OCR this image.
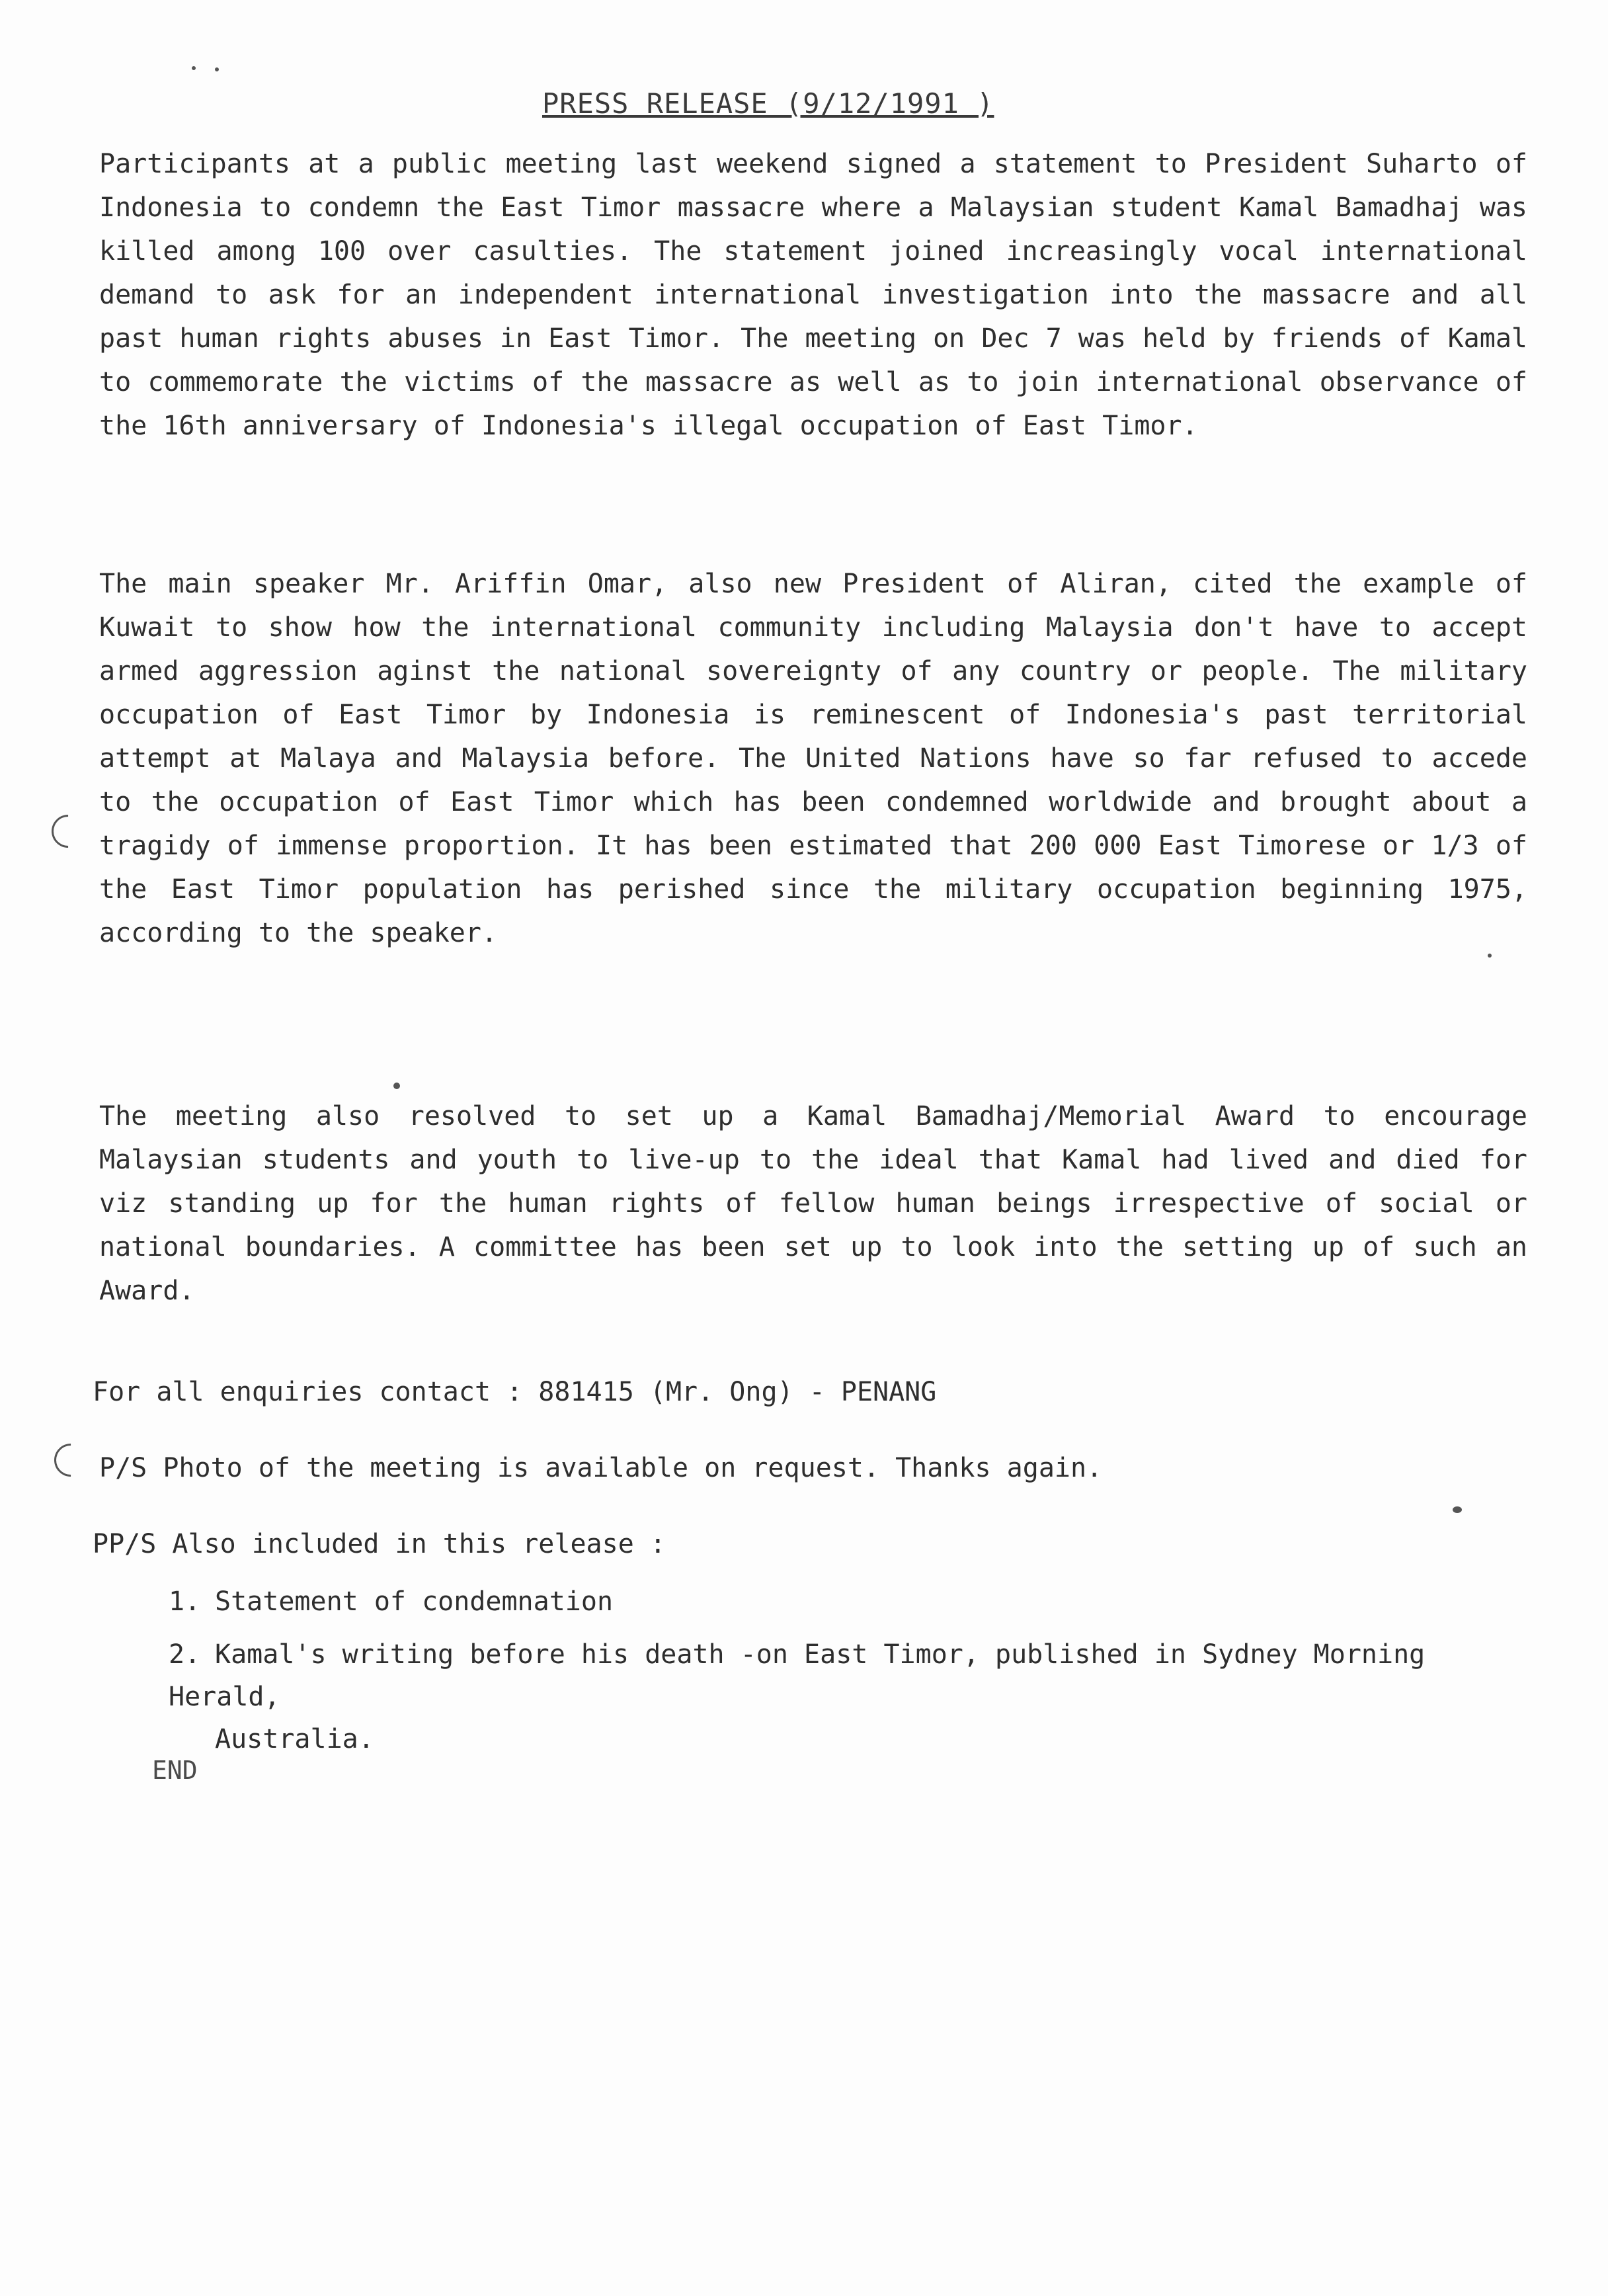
PRESS RELEASE (9/12/1991 )

Participants at a public meeting last weekend signed a statement to President Suharto of Indonesia to condemn the East Timor massacre where a Malaysian student Kamal Bamadhaj was killed among 100 over casulties. The statement joined increasingly vocal international demand to ask for an independent international investigation into the massacre and all past human rights abuses in East Timor. The meeting on Dec 7 was held by friends of Kamal to commemorate the victims of the massacre as well as to join international observance of the 16th anniversary of Indonesia's illegal occupation of East Timor.

The main speaker Mr. Ariffin Omar, also new President of Aliran, cited the example of Kuwait to show how the international community including Malaysia don't have to accept armed aggression aginst the national sovereignty of any country or people. The military occupation of East Timor by Indonesia is reminescent of Indonesia's past territorial attempt at Malaya and Malaysia before. The United Nations have so far refused to accede to the occupation of East Timor which has been condemned worldwide and brought about a tragidy of immense proportion. It has been estimated that 200 000 East Timorese or 1/3 of the East Timor population has perished since the military occupation beginning 1975, according to the speaker.

The meeting also resolved to set up a Kamal Bamadhaj/Memorial Award to encourage Malaysian students and youth to live-up to the ideal that Kamal had lived and died for viz standing up for the human rights of fellow human beings irrespective of social or national boundaries. A committee has been set up to look into the setting up of such an Award.

For all enquiries contact : 881415 (Mr. Ong) - PENANG
P/S Photo of the meeting is available on request. Thanks again.
PP/S Also included in this release :
1. Statement of condemnation
2. Kamal's writing before his death -on East Timor, published in Sydney Morning Herald,
Australia.
END
